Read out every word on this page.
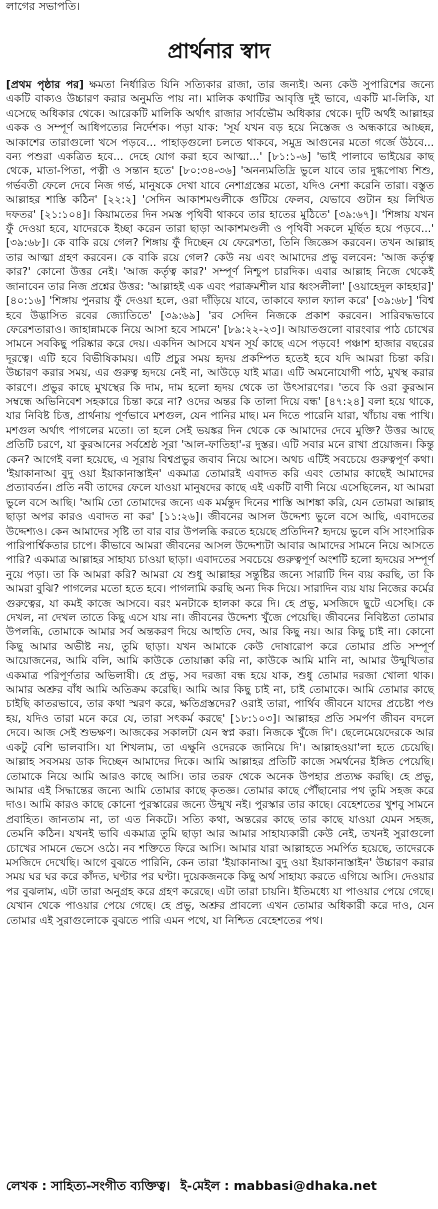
লাগের সভাপতি।
প্রার্থনার স্বাদ
[প্রথম পৃষ্ঠার পর] ক্ষমতা নির্ধারিত যিনি সত্যিকার রাজা, তার জন্যই। অন্য কেউ সুপারিশের জন্যে একটি বাক্যও উচ্চারণ করার অনুমতি পায় না। মালিক কথাটির আবৃত্তি দুই ভাবে, একটি মা-লিকি, যা এসেছে অধিকার থেকে। আরেকটি মালিকি অর্থাৎ রাজার সার্বভৌম অধিকার থেকে। দুটি অর্থই আল্লাহর একক ও সম্পূর্ণ আধিপত্যের নির্দেশক। পড়া যাক: 'সূর্য যখন বড় হয়ে নিস্তেজ ও অন্ধকারে আচ্ছন্ন, আকাশের তারাগুলো খসে পড়বে... পাহাড়গুলো চলতে থাকবে, সমুদ্র আগুনের মতো গর্জে উঠবে... বন্য পশুরা একত্রিত হবে... দেহে যোগ করা হবে আত্মা...' [৮১:১-৬] 'ভাই পালাবে ভাইয়ের কাছ থেকে, মাতা-পিতা, পত্নী ও সন্তান হতে' [৮০:৩৪-৩৬] 'অনন্যমতিদ্রি ভুলে যাবে তার দুগ্ধপোষ্য শিশু, গর্ভবতী ফেলে দেবে নিজ গর্ভ, মানুষকে দেখা যাবে নেশাগ্রস্তের মতো, যদিও নেশা করেনি তারা। বস্তুত আল্লাহর শাস্তি কঠিন' [২২:২] 'সেদিন আকাশমণ্ডলীকে গুটিয়ে ফেলব, যেভাবে গুটান হয় লিখিত দফতর' [২১:১০৪]। কিয়ামতের দিন সমস্ত পৃথিবী থাকবে তার হাতের মুঠিতে' [৩৯:৬৭]। 'শিঙ্গায় যখন ফুঁ দেওয়া হবে, যাদেরকে ইচ্ছা করেন তারা ছাড়া আকাশমণ্ডলী ও পৃথিবী সকলে মূর্ছিত হয়ে পড়বে...' [৩৯:৬৮]। কে বাকি রয়ে গেল? শিঙ্গায় ফুঁ দিচ্ছেন যে ফেরেশতা, তিনি জিজ্ঞেস করবেন। তখন আল্লাহ তার আত্মা গ্রহণ করবেন। কে বাকি রয়ে গেল? কেউ নয় এবং আমাদের প্রভু বলবেন: 'আজ কর্তৃত্ব কার?' কোনো উত্তর নেই। 'আজ কর্তৃত্ব কার?' সম্পূর্ণ নিশ্চুপ চারদিক। এবার আল্লাহ নিজে থেকেই জানাবেন তার নিজ প্রশ্নের উত্তর: 'আল্লাহই এক এবং পরাক্রমশীল যার ধ্বংসলীলা' [ওয়াহেদুল কাহহার]' [৪০:১৬] 'শিঙ্গায় পুনরায় ফুঁ দেওয়া হলে, ওরা দাঁড়িয়ে যাবে, তাকাবে ফ্যাল ফ্যাল করে' [৩৯:৬৮] 'বিশ্ব হবে উদ্ভাসিত রবের জ্যোতিতে' [৩৯:৬৯] 'রব সেদিন নিজকে প্রকাশ করবেন। সারিবদ্ধভাবে ফেরেশতারাও। জাহান্নামকে নিয়ে আসা হবে সামনে' [৮৯:২২-২৩]। আয়াতগুলো বারংবার পাঠ চোখের সামনে সবকিছু পরিষ্কার করে দেয়। একদিন আসবে যখন সূর্য কাছে এসে পড়বে! পঞ্চাশ হাজার বছরের দূরত্বে। এটি হবে বিভীষিকাময়। এটি প্রচুর সময় হৃদয় প্রকম্পিত হতেই হবে যদি আমরা চিন্তা করি। উচ্চারণ করার সময়, এর গুরুত্ব হৃদয়ে নেই না, আউড়ে যাই মাত্র। এটি অমনোযোগী পাঠ, মুখস্থ করার কারণে। প্রভুর কাছে মুখস্থের কি দাম, দাম হলো হৃদয় থেকে তা উৎসারণের। 'তবে কি ওরা কুরআন সম্বন্ধে অভিনিবেশ সহকারে চিন্তা করে না? ওদের অন্তর কি তালা দিয়ে বন্ধ' [৪৭:২৪] বলা হয়ে থাকে, যার নিবিষ্ট চিত্ত, প্রার্থনায় পূর্ণভাবে মশগুল, যেন পানির মাছ। মন দিতে পারেনি যারা, খাঁচায় বন্ধ পাখি। মশগুল অর্থাৎ পাগলের মতো। তা হলে সেই ভয়ঙ্কর দিন থেকে কে আমাদের দেবে মুক্তি? উত্তর আছে প্রতিটি চরণে, যা কুরআনের সর্বশ্রেষ্ঠ সূরা 'আল-ফাতিহা'-র দুস্তর। এটি সবার মনে রাখা প্রয়োজন। কিন্তু কেন? আগেই বলা হয়েছে, এ সূরায় বিশ্বপ্রভুর জবাব নিয়ে আসে। অথচ এটিই সবচেয়ে গুরুত্বপূর্ণ কথা। 'ইয়াকানাআ বুদু ওয়া ইয়াকানাস্তাইন' একমাত্র তোমারই এবাদত করি এবং তোমার কাছেই আমাদের প্রত্যাবর্তন। প্রতি নবী তাদের ফেলে যাওয়া মানুষদের কাছে এই একটি বাণী নিয়ে এসেছিলেন, যা আমরা ভুলে বসে আছি। 'আমি তো তোমাদের জন্যে এক মর্মন্তুদ দিনের শাস্তি আশঙ্কা করি, যেন তোমরা আল্লাহ ছাড়া অপর কারও এবাদত না কর' [১১:২৬]। জীবনের আসল উদ্দেশ্য ভুলে বসে আছি, এবাদতের উদ্দেশ্যও। কেন আমাদের সৃষ্টি তা বার বার উপলব্ধি করতে হয়েছে প্রতিদিন? হৃদয়ে ভুলে বসি সাংসারিক পারিপার্শ্বিকতার চাপে। কীভাবে আমরা জীবনের আসল উদ্দেশ্যটা আবার আমাদের সামনে নিয়ে আসতে পারি? একমাত্র আল্লাহর সাহায্য চাওয়া ছাড়া। এবাদতের সবচেয়ে গুরুত্বপূর্ণ অংশটি হলো হৃদয়ের সম্পূর্ণ নুয়ে পড়া। তা কি আমরা করি? আমরা যে শুধু আল্লাহর সন্তুষ্টির জন্যে সারাটি দিন ব্যয় করছি, তা কি আমরা বুঝি? পাগলের মতো হতে হবে। পাগলামি করছি অন্য দিক দিয়ে। সারাদিন ব্যয় যায় নিজের কর্মের গুরুত্বের, যা কমই কাজে আসবে। বরং মনটাকে হালকা করে দি। হে প্রভু, মসজিদে ছুটে এসেছি। কে দেখল, না দেখল তাতে কিছু এসে যায় না। জীবনের উদ্দেশ্য খুঁজে পেয়েছি। জীবনের নিবিষ্টতা তোমার উপলব্ধি, তোমাকে আমার সর্ব অন্তকরণ দিয়ে আহুতি দেব, আর কিছু নয়। আর কিছু চাই না। কোনো কিছু আমার অভীষ্ট নয়, তুমি ছাড়া। যখন আমাকে কেউ দোষারোপ করে তোমার প্রতি সম্পূর্ণ আয়োজনের, আমি বলি, আমি কাউকে তোয়াক্কা করি না, কাউকে আমি মানি না, আমার উন্মুখিতার একমাত্র পরিপূর্ণতার অভিলাষী। হে প্রভু, সব দরজা বন্ধ হয়ে যাক, শুধু তোমার দরজা খোলা থাক। আমার অশ্রুর বাঁধ আমি অতিক্রম করেছি। আমি আর কিছু চাই না, চাই তোমাকে। আমি তোমার কাছে চাইছি কাতরভাবে, তার কথা স্মরণ করে, ক্ষতিগ্রস্তদের? ওরাই তারা, পার্থিব জীবনে যাদের প্রচেষ্টা পণ্ড হয়, যদিও তারা মনে করে যে, তারা সৎকর্ম করছে' [১৮:১০৩]। আল্লাহর প্রতি সমর্পণ জীবন বদলে দেবে। আজ সেই শুভক্ষণ। আজকের সকালটা যেন স্বপ্ন করা। নিজকে খুঁজে দি'। ছেলেমেয়েদেরকে আর একটু বেশি ভালবাসি। যা শিখলাম, তা এক্ষুনি ওদেরকে জানিয়ে দি'। আল্লাহওয়া'লা হতে চেয়েছি। আল্লাহ সবসময় ডাক দিচ্ছেন আমাদের দিকে। আমি আল্লাহর প্রতিটি কাজে সমর্থনের ইঙ্গিত পেয়েছি। তোমাকে নিয়ে আমি আরও কাছে আসি। তার তরফ থেকে অনেক উপহার প্রত্যক্ষ করছি। হে প্রভু, আমার এই সিদ্ধান্তের জন্যে আমি তোমার কাছে কৃতজ্ঞ। তোমার কাছে পৌঁছানোর পথ তুমি সহজ করে দাও। আমি কারও কাছে কোনো পুরস্কারের জন্যে উন্মুখ নই। পুরস্কার তার কাছে। বেহেশতের খুশবু সামনে প্রবাহিত। জানতাম না, তা এত নিকটে। সত্যি কথা, অন্তরের কাছে তার কাছে যাওয়া যেমন সহজ, তেমনি কঠিন। যখনই ভাবি একমাত্র তুমি ছাড়া আর আমার সাহায্যকারী কেউ নেই, তখনই সুরাগুলো চোখের সামনে ভেসে ওঠে। নব শক্তিতে ফিরে আসি। আমার যারা আল্লাহতে সমর্পিত হয়েছে, তাদেরকে মসজিদে দেখেছি। আগে বুঝতে পারিনি, কেন তারা 'ইয়াকানাআ বুদু ওয়া ইয়াকানাস্তাইন' উচ্চারণ করার সময় ঘর ঘর করে কাঁদত, ঘণ্টার পর ঘণ্টা। দুয়েকজনকে কিছু অর্থ সাহায্য করতে এগিয়ে আসি। দেওয়ার পর বুঝলাম, এটা তারা অনুগ্রহ করে গ্রহণ করেছে। এটা তারা চায়নি। ইতিমধ্যে যা পাওয়ার পেয়ে গেছে। যেখান থেকে পাওয়ার পেয়ে গেছে। হে প্রভু, অশ্রুর প্রাবল্যে এখন তোমার অধিকারী করে দাও, যেন তোমার এই সুরাগুলোকে বুঝতে পারি এমন পথে, যা নিশ্চিত বেহেশতের পথ।
লেখক : সাহিত্য-সংগীত ব্যক্তিত্ব। ই-মেইল : mabbasi@dhaka.net
